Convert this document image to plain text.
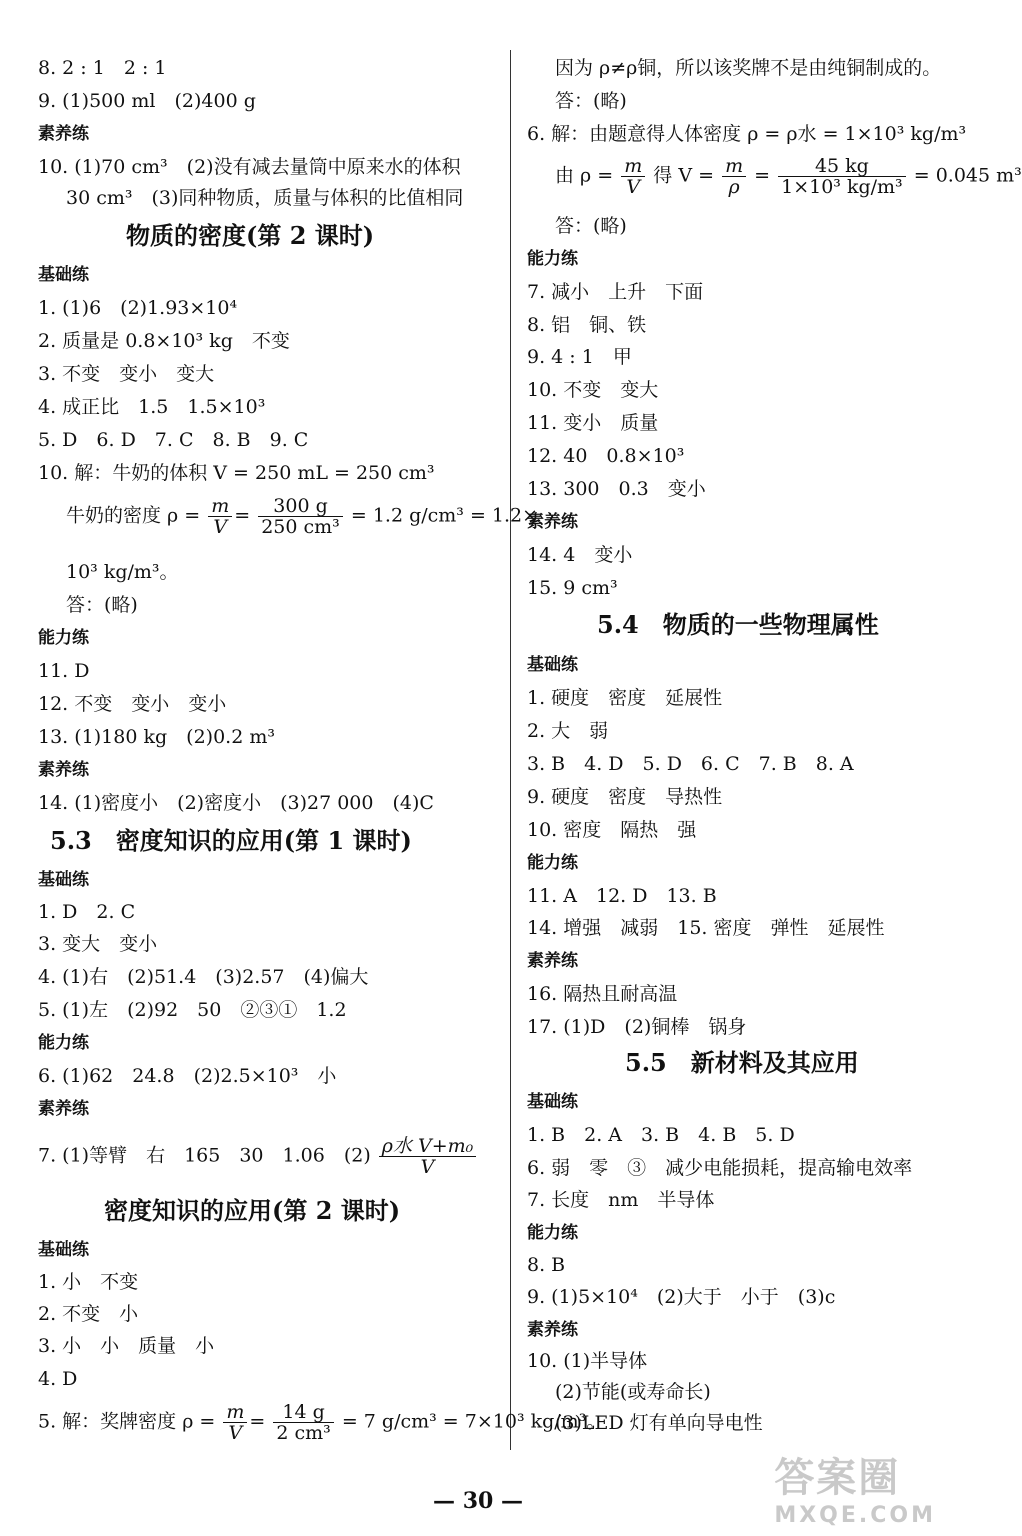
8. 2 : 1　2 : 1
9. (1)500 ml　(2)400 g
素养练
10. (1)70 cm³　(2)没有减去量筒中原来水的体积
30 cm³　(3)同种物质，质量与体积的比值相同
物质的密度(第 2 课时)
基础练
1. (1)6　(2)1.93×10⁴
2. 质量是 0.8×10³ kg　不变
3. 不变　变小　变大
4. 成正比　1.5　1.5×10³
5. D　6. D　7. C　8. B　9. C
10. 解：牛奶的体积 V = 250 mL = 250 cm³
牛奶的密度 $\rho = \frac{m}{V} = \frac{300 g}{\text{250 cm³}} = 1.2$ g/cm³ = 1.2×
10³ kg/m³。
答：(略)
能力练
11. D
12. 不变　变小　变小
13. (1)180 kg　(2)0.2 m³
素养练
14. (1)密度小　(2)密度小　(3)27 000　(4)C
5.3　密度知识的应用(第 1 课时)
基础练
1. D　2. C
3. 变大　变小
4. (1)右　(2)51.4　(3)2.57　(4)偏大
5. (1)左　(2)92　50　②③①　1.2
能力练
6. (1)62　24.8　(2)2.5×10³　小
素养练
7. (1)等臂　右　165　30　1.06　$(2) \frac{\text{ρ水 V+m₀}}{V}$
密度知识的应用(第 2 课时)
基础练
1. 小　不变
2. 不变　小
3. 小　小　质量　小
4. D
5. 解：奖牌密度 $\rho = \frac{m}{V} = \frac{14 g}{\text{2 cm³}} = 7$ g/cm³ = 7×10³ kg/m³。
因为 ρ≠ρ铜，所以该奖牌不是由纯铜制成的。
答：(略)
6. 解：由题意得人体密度 ρ = ρ水 = 1×10³ kg/m³
由 $\rho = \frac{m}{V}$ 得 $V = \frac{m}{\rho} = \frac{45 kg}{\text{1×10³ kg/m³}} = 0.045$ m³
答：(略)
能力练
7. 减小　上升　下面
8. 铝　铜、铁
9. 4 : 1　甲
10. 不变　变大
11. 变小　质量
12. 40　0.8×10³
13. 300　0.3　变小
素养练
14. 4　变小
15. 9 cm³
5.4　物质的一些物理属性
基础练
1. 硬度　密度　延展性
2. 大　弱
3. B　4. D　5. D　6. C　7. B　8. A
9. 硬度　密度　导热性
10. 密度　隔热　强
能力练
11. A　12. D　13. B
14. 增强　减弱　15. 密度　弹性　延展性
素养练
16. 隔热且耐高温
17. (1)D　(2)铜棒　锅身
5.5　新材料及其应用
基础练
1. B　2. A　3. B　4. B　5. D
6. 弱　零　③　减少电能损耗，提高输电效率
7. 长度　nm　半导体
能力练
8. B
9. (1)5×10⁴　(2)大于　小于　(3)c
素养练
10. (1)半导体
(2)节能(或寿命长)
(3)LED 灯有单向导电性
— 30 —	答案圈
MXQE.COM
